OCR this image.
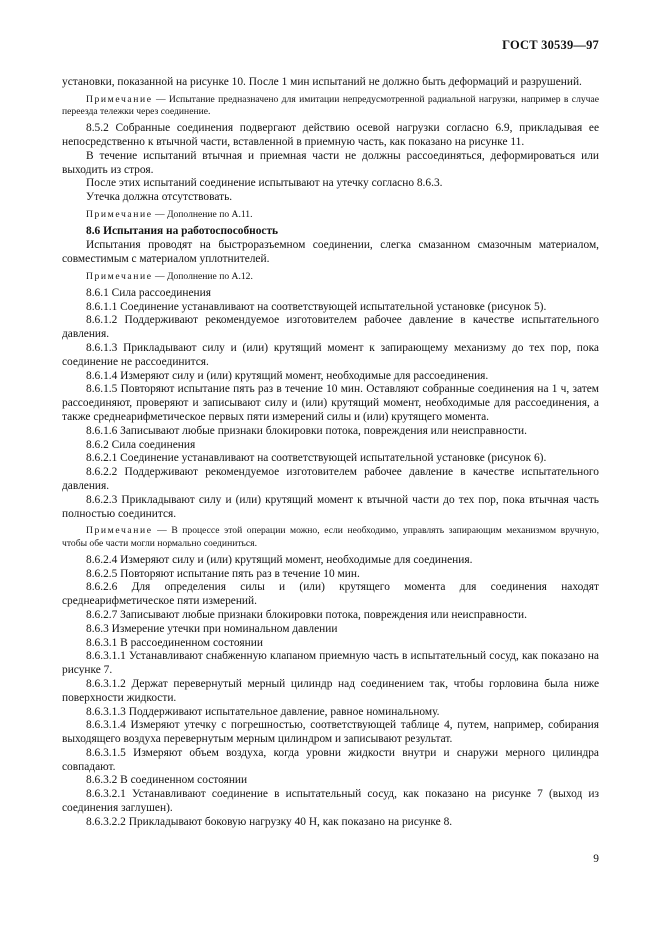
ГОСТ 30539—97

установки, показанной на рисунке 10. После 1 мин испытаний не должно быть деформаций и разрушений.

Примечание — Испытание предназначено для имитации непредусмотренной радиальной нагрузки, например в случае переезда тележки через соединение.

8.5.2 Собранные соединения подвергают действию осевой нагрузки согласно 6.9, прикладывая ее непосредственно к втычной части, вставленной в приемную часть, как показано на рисунке 11.

В течение испытаний втычная и приемная части не должны рассоединяться, деформироваться или выходить из строя.

После этих испытаний соединение испытывают на утечку согласно 8.6.3.

Утечка должна отсутствовать.

Примечание — Дополнение по А.11.

8.6 Испытания на работоспособность

Испытания проводят на быстроразъемном соединении, слегка смазанном смазочным материалом, совместимым с материалом уплотнителей.

Примечание — Дополнение по А.12.

8.6.1 Сила рассоединения

8.6.1.1 Соединение устанавливают на соответствующей испытательной установке (рисунок 5).

8.6.1.2 Поддерживают рекомендуемое изготовителем рабочее давление в качестве испытательного давления.

8.6.1.3 Прикладывают силу и (или) крутящий момент к запирающему механизму до тех пор, пока соединение не рассоединится.

8.6.1.4 Измеряют силу и (или) крутящий момент, необходимые для рассоединения.

8.6.1.5 Повторяют испытание пять раз в течение 10 мин. Оставляют собранные соединения на 1 ч, затем рассоединяют, проверяют и записывают силу и (или) крутящий момент, необходимые для рассоединения, а также среднеарифметическое первых пяти измерений силы и (или) крутящего момента.

8.6.1.6 Записывают любые признаки блокировки потока, повреждения или неисправности.

8.6.2 Сила соединения

8.6.2.1 Соединение устанавливают на соответствующей испытательной установке (рисунок 6).

8.6.2.2 Поддерживают рекомендуемое изготовителем рабочее давление в качестве испытательного давления.

8.6.2.3 Прикладывают силу и (или) крутящий момент к втычной части до тех пор, пока втычная часть полностью соединится.

Примечание — В процессе этой операции можно, если необходимо, управлять запирающим механизмом вручную, чтобы обе части могли нормально соединиться.

8.6.2.4 Измеряют силу и (или) крутящий момент, необходимые для соединения.

8.6.2.5 Повторяют испытание пять раз в течение 10 мин.

8.6.2.6 Для определения силы и (или) крутящего момента для соединения находят среднеарифметическое пяти измерений.

8.6.2.7 Записывают любые признаки блокировки потока, повреждения или неисправности.

8.6.3 Измерение утечки при номинальном давлении

8.6.3.1 В рассоединенном состоянии

8.6.3.1.1 Устанавливают снабженную клапаном приемную часть в испытательный сосуд, как показано на рисунке 7.

8.6.3.1.2 Держат перевернутый мерный цилиндр над соединением так, чтобы горловина была ниже поверхности жидкости.

8.6.3.1.3 Поддерживают испытательное давление, равное номинальному.

8.6.3.1.4 Измеряют утечку с погрешностью, соответствующей таблице 4, путем, например, собирания выходящего воздуха перевернутым мерным цилиндром и записывают результат.

8.6.3.1.5 Измеряют объем воздуха, когда уровни жидкости внутри и снаружи мерного цилиндра совпадают.

8.6.3.2 В соединенном состоянии

8.6.3.2.1 Устанавливают соединение в испытательный сосуд, как показано на рисунке 7 (выход из соединения заглушен).

8.6.3.2.2 Прикладывают боковую нагрузку 40 Н, как показано на рисунке 8.

9
